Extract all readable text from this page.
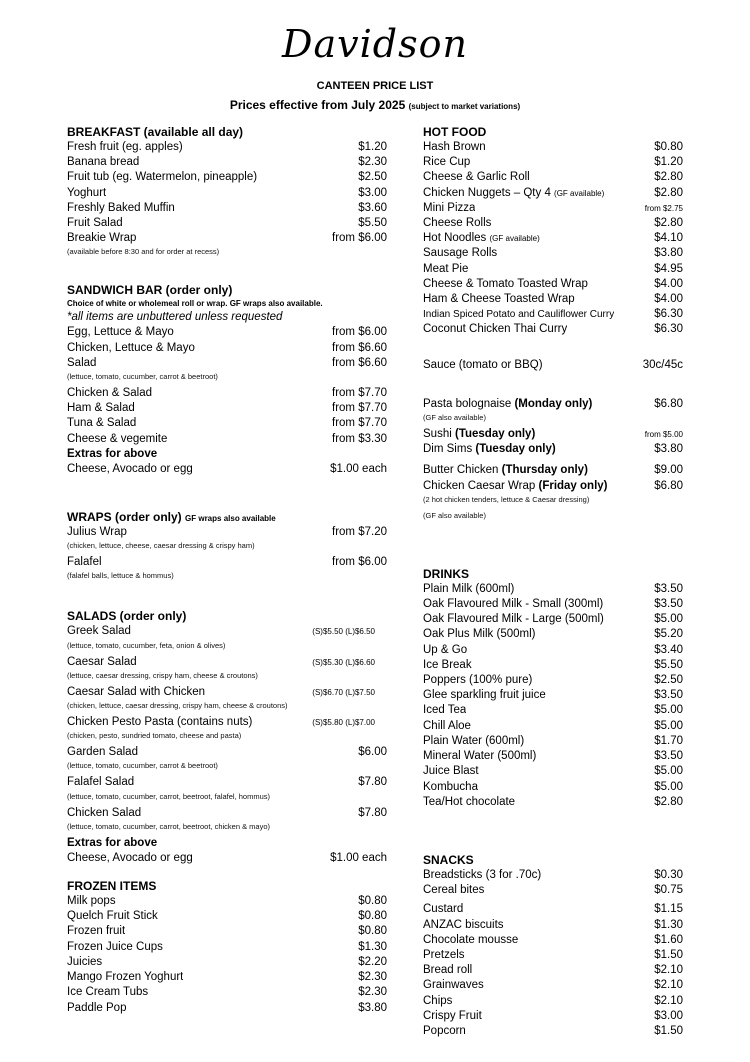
Davidson
CANTEEN PRICE LIST
Prices effective from July 2025 (subject to market variations)
BREAKFAST (available all day)
Fresh fruit (eg. apples)	$1.20
Banana bread	$2.30
Fruit tub (eg. Watermelon, pineapple)	$2.50
Yoghurt	$3.00
Freshly Baked Muffin	$3.60
Fruit Salad	$5.50
Breakie Wrap	from $6.00
(available before 8:30 and for order at recess)
SANDWICH BAR (order only)
Choice of white or wholemeal roll or wrap. GF wraps also available.
*all items are unbuttered unless requested
Egg, Lettuce & Mayo	from $6.00
Chicken, Lettuce & Mayo	from $6.60
Salad	from $6.60
(lettuce, tomato, cucumber, carrot & beetroot)
Chicken & Salad	from $7.70
Ham & Salad	from $7.70
Tuna & Salad	from $7.70
Cheese & vegemite	from $3.30
Extras for above
Cheese, Avocado or egg	$1.00 each
WRAPS (order only) GF wraps also available
Julius Wrap	from $7.20
(chicken, lettuce, cheese, caesar dressing & crispy ham)
Falafel	from $6.00
(falafel balls, lettuce & hommus)
SALADS (order only)
Greek Salad	(S)$5.50 (L)$6.50
(lettuce, tomato, cucumber, feta, onion & olives)
Caesar Salad	(S)$5.30 (L)$6.60
(lettuce, caesar dressing, crispy ham, cheese & croutons)
Caesar Salad with Chicken	(S)$6.70 (L)$7.50
(chicken, lettuce, caesar dressing, crispy ham, cheese & croutons)
Chicken Pesto Pasta (contains nuts)	(S)$5.80 (L)$7.00
(chicken, pesto, sundried tomato, cheese and pasta)
Garden Salad	$6.00
(lettuce, tomato, cucumber, carrot & beetroot)
Falafel Salad	$7.80
(lettuce, tomato, cucumber, carrot, beetroot, falafel, hommus)
Chicken Salad	$7.80
(lettuce, tomato, cucumber, carrot, beetroot, chicken & mayo)
Extras for above
Cheese, Avocado or egg	$1.00 each
FROZEN ITEMS
Milk pops	$0.80
Quelch Fruit Stick	$0.80
Frozen fruit	$0.80
Frozen Juice Cups	$1.30
Juicies	$2.20
Mango Frozen Yoghurt	$2.30
Ice Cream Tubs	$2.30
Paddle Pop	$3.80
HOT FOOD
Hash Brown	$0.80
Rice Cup	$1.20
Cheese & Garlic Roll	$2.80
Chicken Nuggets – Qty 4 (GF available)	$2.80
Mini Pizza	from $2.75
Cheese Rolls	$2.80
Hot Noodles (GF available)	$4.10
Sausage Rolls	$3.80
Meat Pie	$4.95
Cheese & Tomato Toasted Wrap	$4.00
Ham & Cheese Toasted Wrap	$4.00
Indian Spiced Potato and Cauliflower Curry	$6.30
Coconut Chicken Thai Curry	$6.30
Sauce (tomato or BBQ)	30c/45c
Pasta bolognaise (Monday only)	$6.80
(GF also available)
Sushi (Tuesday only)	from $5.00
Dim Sims (Tuesday only)	$3.80
Butter Chicken (Thursday only)	$9.00
Chicken Caesar Wrap (Friday only)	$6.80
(2 hot chicken tenders, lettuce & Caesar dressing)
(GF also available)
DRINKS
Plain Milk (600ml)	$3.50
Oak Flavoured Milk - Small (300ml)	$3.50
Oak Flavoured Milk - Large (500ml)	$5.00
Oak Plus Milk (500ml)	$5.20
Up & Go	$3.40
Ice Break	$5.50
Poppers (100% pure)	$2.50
Glee sparkling fruit juice	$3.50
Iced Tea	$5.00
Chill Aloe	$5.00
Plain Water (600ml)	$1.70
Mineral Water (500ml)	$3.50
Juice Blast	$5.00
Kombucha	$5.00
Tea/Hot chocolate	$2.80
SNACKS
Breadsticks (3 for .70c)	$0.30
Cereal bites	$0.75
Custard	$1.15
ANZAC biscuits	$1.30
Chocolate mousse	$1.60
Pretzels	$1.50
Bread roll	$2.10
Grainwaves	$2.10
Chips	$2.10
Crispy Fruit	$3.00
Popcorn	$1.50
